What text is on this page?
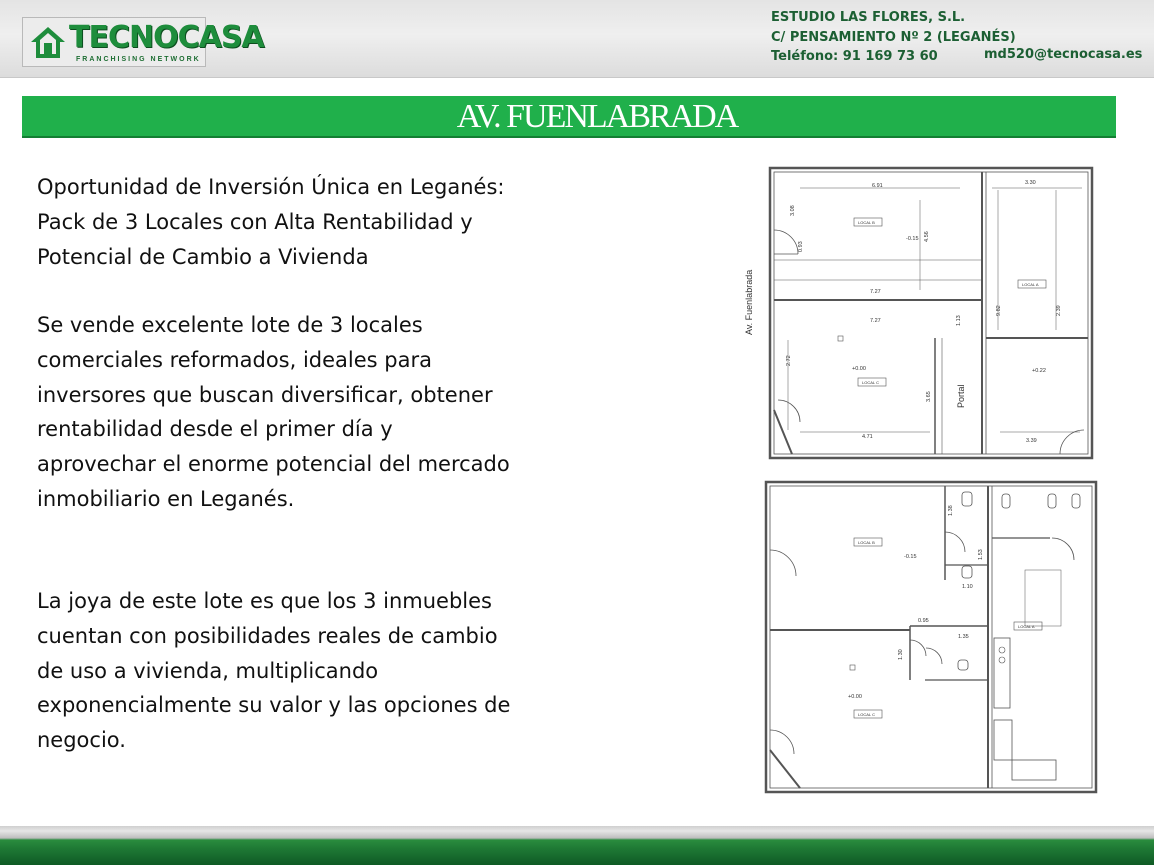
TECNOCASA
FRANCHISING NETWORK
ESTUDIO LAS FLORES, S.L.
C/ PENSAMIENTO Nº 2 (LEGANÉS)
Teléfono: 91 169 73 60	md520@tecnocasa.es
AV. FUENLABRADA
Oportunidad de Inversión Única en Leganés:
Pack de 3 Locales con Alta Rentabilidad y
Potencial de Cambio a Vivienda
Se vende excelente lote de 3 locales
comerciales reformados, ideales para
inversores que buscan diversificar, obtener
rentabilidad desde el primer día y
aprovechar el enorme potencial del mercado
inmobiliario en Leganés.
La joya de este lote es que los 3 inmuebles
cuentan con posibilidades reales de cambio
de uso a vivienda, multiplicando
exponencialmente su valor y las opciones de
negocio.
6.91	3.30
7.27
7.27
3.08
0.93
4.56
1.13
9.82
2.72
3.65
4.71
3.39
2.39
-0.15
+0.00	+0.22
LOCAL B
LOCAL A
LOCAL C
Av. Fuenlabrada
Portal
1.38
1.53
1.10
0.95
1.35
1.30
-0.15
+0.00
LOCAL B
LOCAL A
LOCAL C
